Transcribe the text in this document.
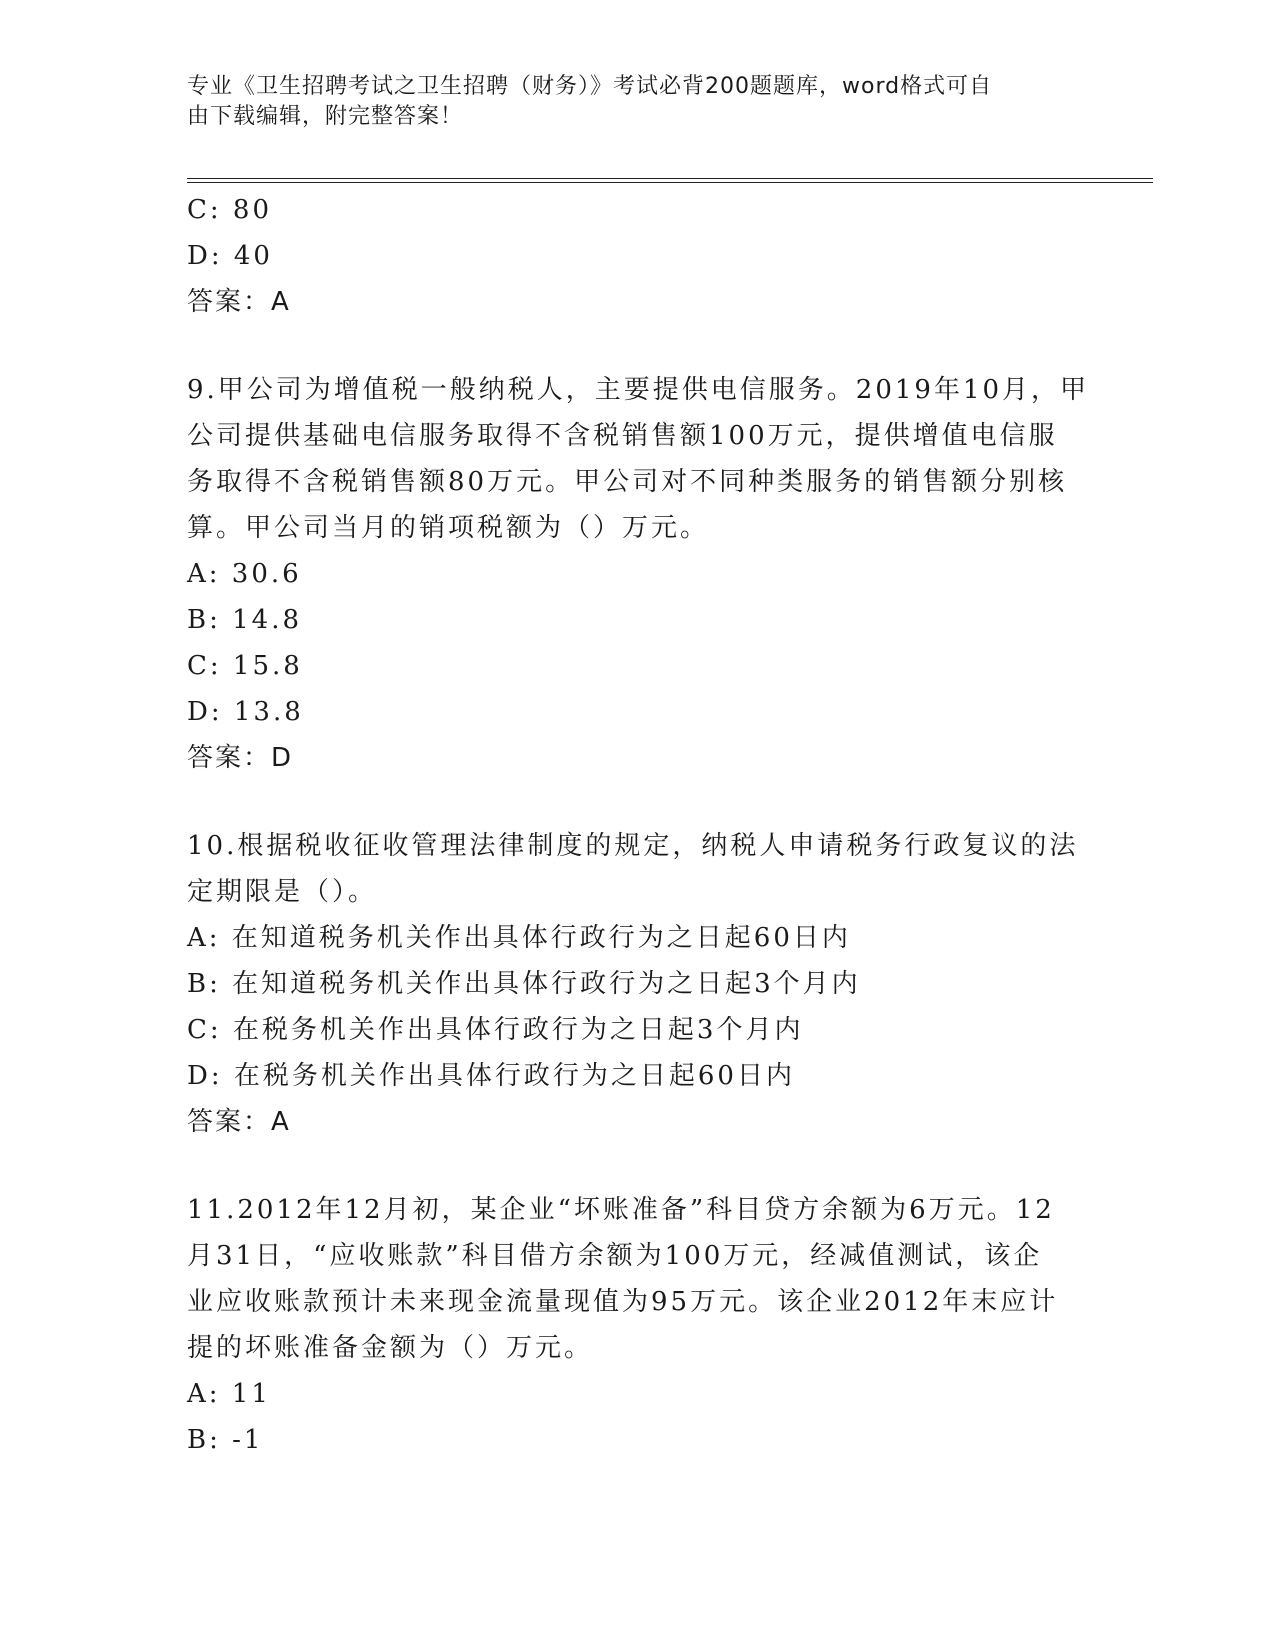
专业《卫生招聘考试之卫生招聘（财务）》考试必背200题题库，word格式可自
由下载编辑，附完整答案！
C: 80
D: 40
答案：A
9.甲公司为增值税一般纳税人，主要提供电信服务。2019年10月，甲
公司提供基础电信服务取得不含税销售额100万元，提供增值电信服
务取得不含税销售额80万元。甲公司对不同种类服务的销售额分别核
算。甲公司当月的销项税额为（）万元。
A: 30.6
B: 14.8
C: 15.8
D: 13.8
答案：D
10.根据税收征收管理法律制度的规定，纳税人申请税务行政复议的法
定期限是（）。
A: 在知道税务机关作出具体行政行为之日起60日内
B: 在知道税务机关作出具体行政行为之日起3个月内
C: 在税务机关作出具体行政行为之日起3个月内
D: 在税务机关作出具体行政行为之日起60日内
答案：A
11.2012年12月初，某企业“坏账准备”科目贷方余额为6万元。12
月31日，“应收账款”科目借方余额为100万元，经减值测试，该企
业应收账款预计未来现金流量现值为95万元。该企业2012年末应计
提的坏账准备金额为（）万元。
A: 11
B: -1
